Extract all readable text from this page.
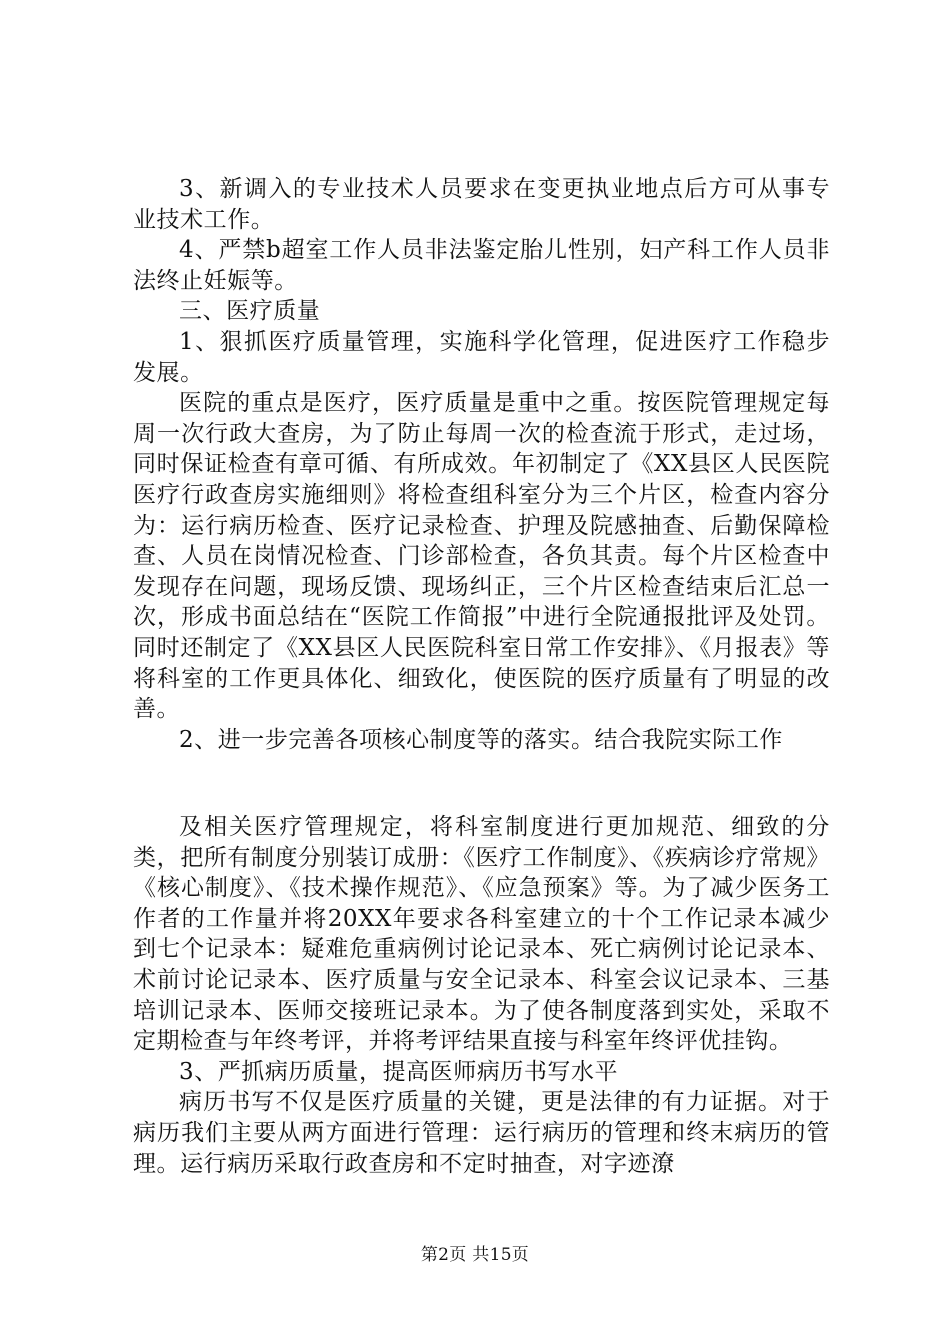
3、新调入的专业技术人员要求在变更执业地点后方可从事专业技术工作。

4、严禁b超室工作人员非法鉴定胎儿性别，妇产科工作人员非法终止妊娠等。

三、医疗质量

1、狠抓医疗质量管理，实施科学化管理，促进医疗工作稳步发展。

医院的重点是医疗，医疗质量是重中之重。按医院管理规定每周一次行政大查房，为了防止每周一次的检查流于形式，走过场，同时保证检查有章可循、有所成效。年初制定了《XX县区人民医院医疗行政查房实施细则》将检查组科室分为三个片区，检查内容分为：运行病历检查、医疗记录检查、护理及院感抽查、后勤保障检查、人员在岗情况检查、门诊部检查，各负其责。每个片区检查中发现存在问题，现场反馈、现场纠正，三个片区检查结束后汇总一次，形成书面总结在“医院工作简报”中进行全院通报批评及处罚。同时还制定了《XX县区人民医院科室日常工作安排》、《月报表》等将科室的工作更具体化、细致化，使医院的医疗质量有了明显的改善。

2、进一步完善各项核心制度等的落实。结合我院实际工作

及相关医疗管理规定，将科室制度进行更加规范、细致的分类，把所有制度分别装订成册：《医疗工作制度》、《疾病诊疗常规》《核心制度》、《技术操作规范》、《应急预案》等。为了减少医务工作者的工作量并将20XX年要求各科室建立的十个工作记录本减少到七个记录本：疑难危重病例讨论记录本、死亡病例讨论记录本、术前讨论记录本、医疗质量与安全记录本、科室会议记录本、三基培训记录本、医师交接班记录本。为了使各制度落到实处，采取不定期检查与年终考评，并将考评结果直接与科室年终评优挂钩。

3、严抓病历质量，提高医师病历书写水平

病历书写不仅是医疗质量的关键，更是法律的有力证据。对于病历我们主要从两方面进行管理：运行病历的管理和终末病历的管理。运行病历采取行政查房和不定时抽查，对字迹潦

第2页 共15页
